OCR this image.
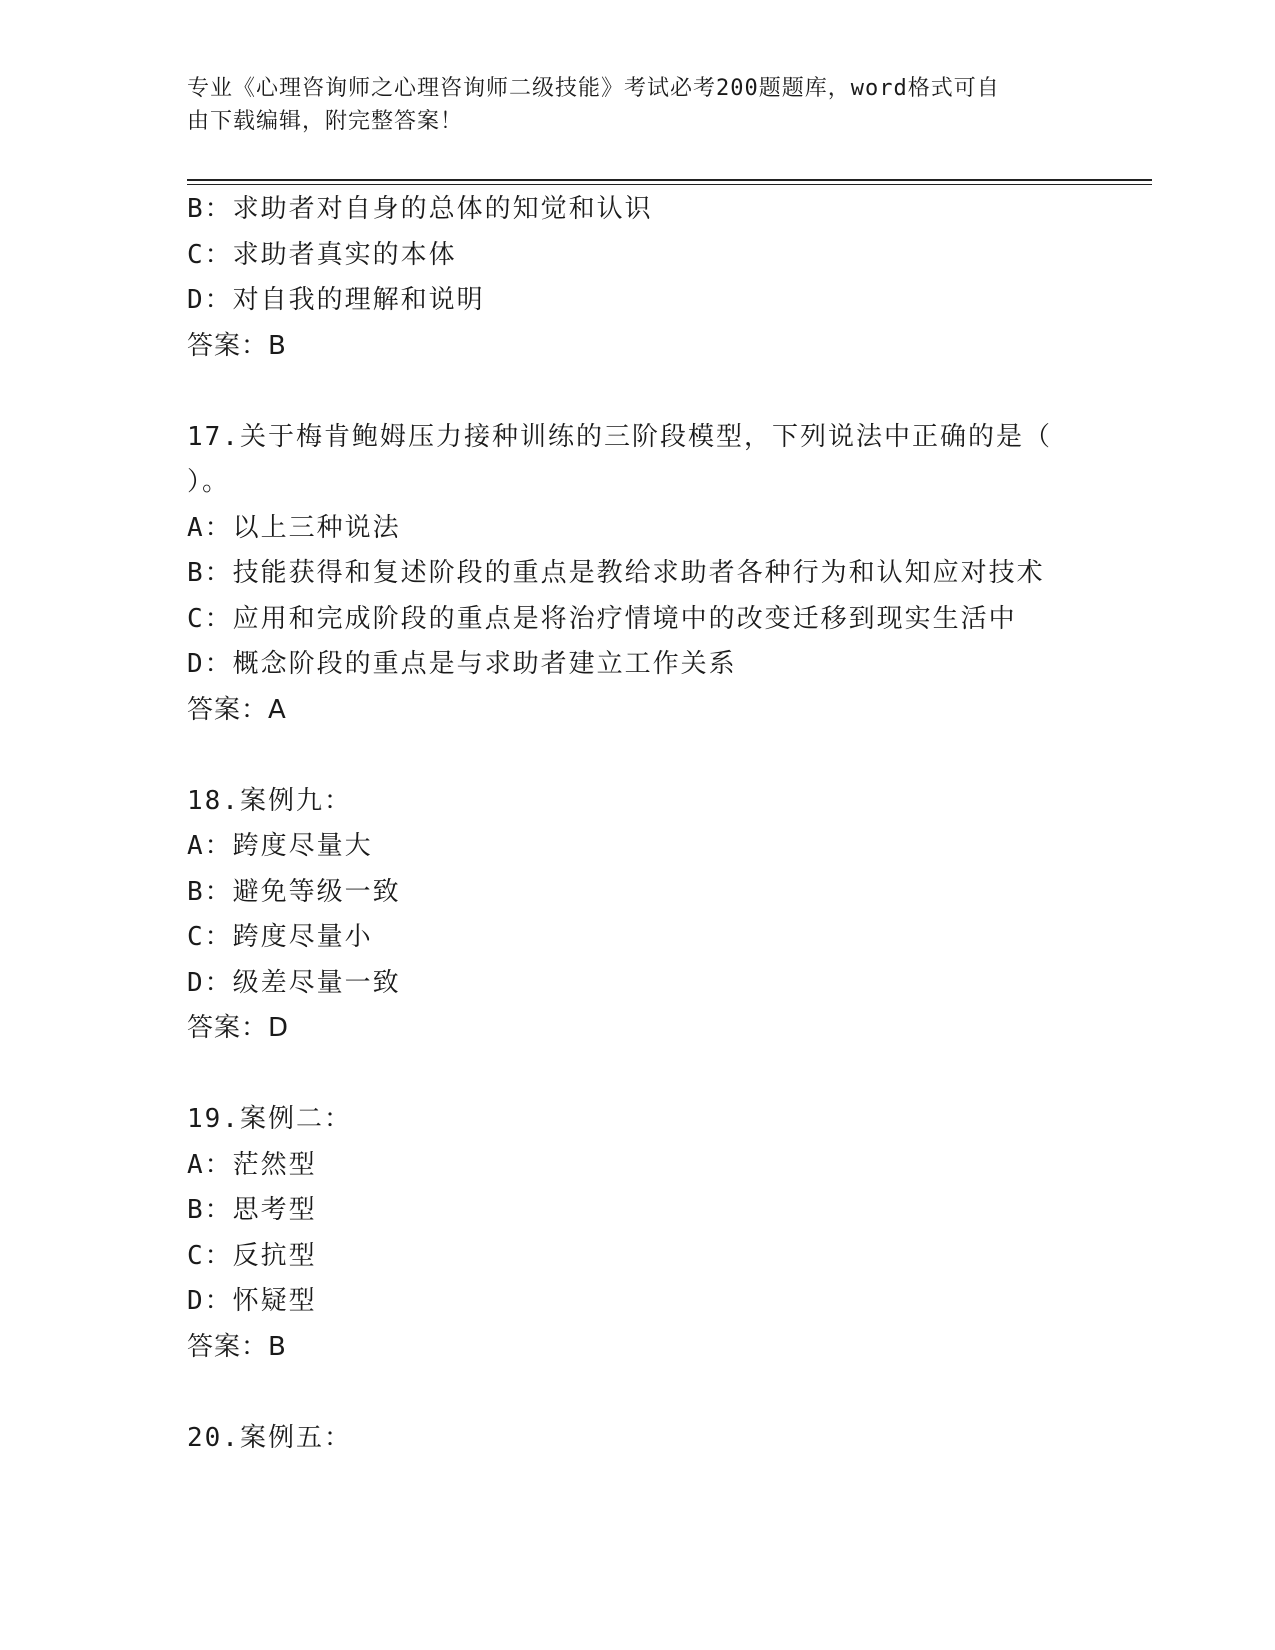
专业《心理咨询师之心理咨询师二级技能》考试必考200题题库，word格式可自
由下载编辑，附完整答案！
B：求助者对自身的总体的知觉和认识
C：求助者真实的本体
D：对自我的理解和说明
答案：B
17.关于梅肯鲍姆压力接种训练的三阶段模型，下列说法中正确的是（
）。
A：以上三种说法
B：技能获得和复述阶段的重点是教给求助者各种行为和认知应对技术
C：应用和完成阶段的重点是将治疗情境中的改变迁移到现实生活中
D：概念阶段的重点是与求助者建立工作关系
答案：A
18.案例九：
A：跨度尽量大
B：避免等级一致
C：跨度尽量小
D：级差尽量一致
答案：D
19.案例二：
A：茫然型
B：思考型
C：反抗型
D：怀疑型
答案：B
20.案例五：
